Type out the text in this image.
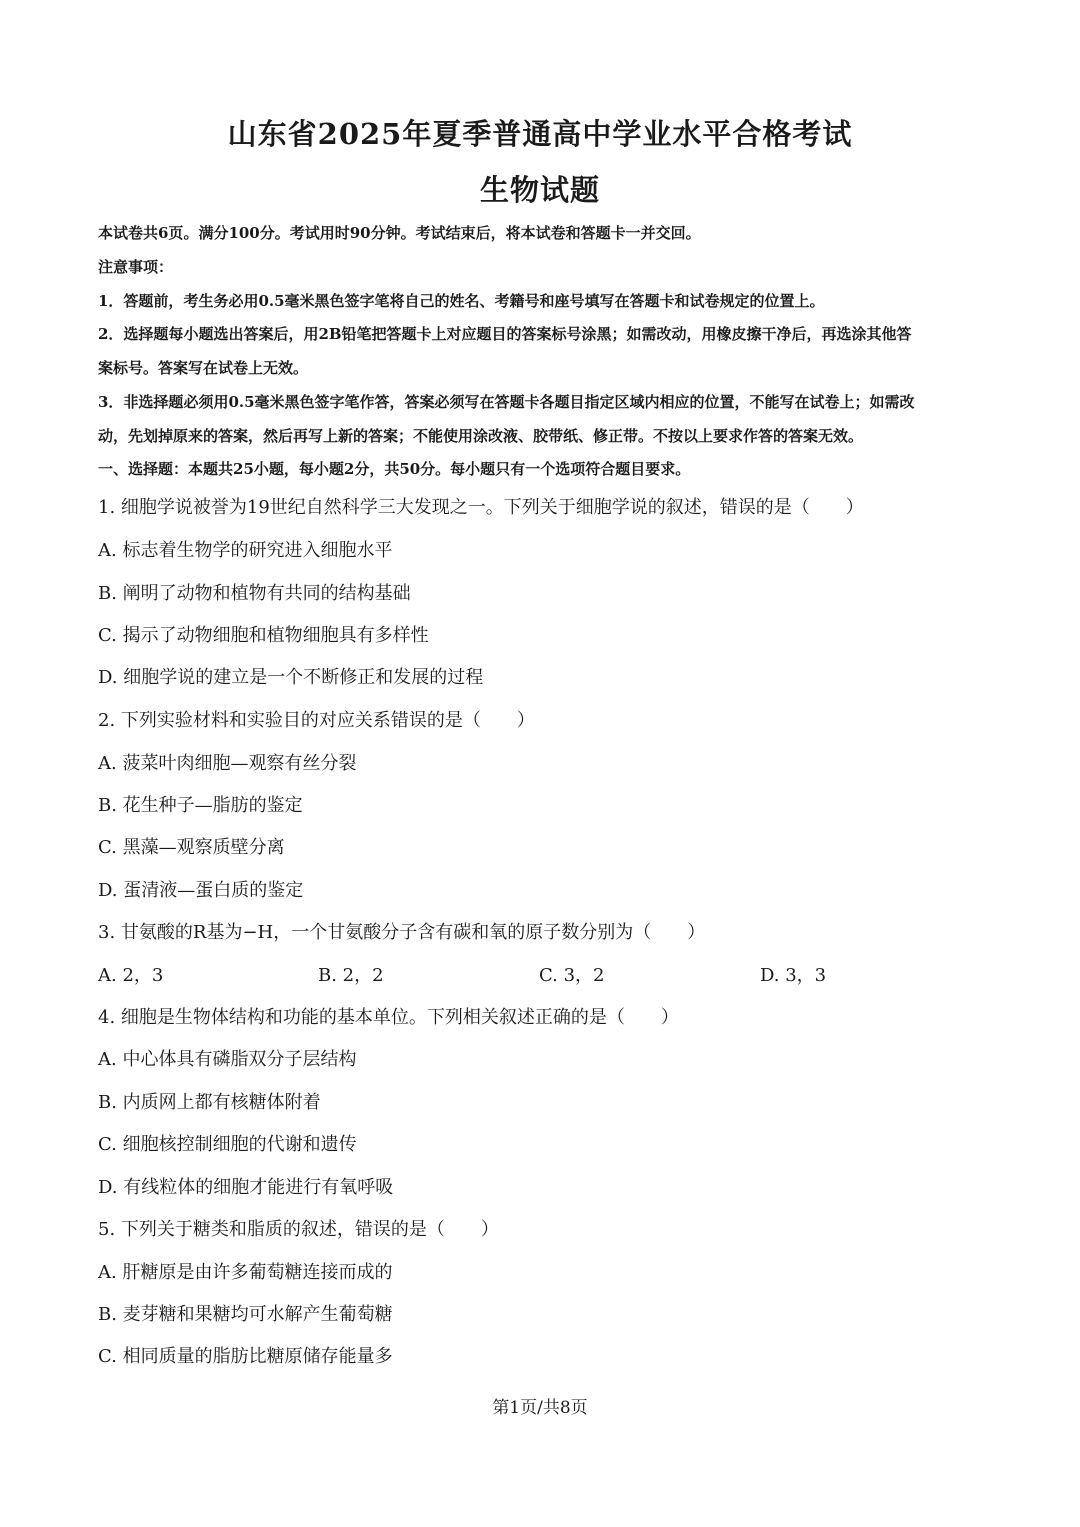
山东省2025年夏季普通高中学业水平合格考试
生物试题
本试卷共6页。满分100分。考试用时90分钟。考试结束后，将本试卷和答题卡一并交回。
注意事项：
1．答题前，考生务必用0.5毫米黑色签字笔将自己的姓名、考籍号和座号填写在答题卡和试卷规定的位置上。
2．选择题每小题选出答案后，用2B铅笔把答题卡上对应题目的答案标号涂黑；如需改动，用橡皮擦干净后，再选涂其他答
案标号。答案写在试卷上无效。
3．非选择题必须用0.5毫米黑色签字笔作答，答案必须写在答题卡各题目指定区域内相应的位置，不能写在试卷上；如需改
动，先划掉原来的答案，然后再写上新的答案；不能使用涂改液、胶带纸、修正带。不按以上要求作答的答案无效。
一、选择题：本题共25小题，每小题2分，共50分。每小题只有一个选项符合题目要求。
1. 细胞学说被誉为19世纪自然科学三大发现之一。下列关于细胞学说的叙述，错误的是（　　）
A. 标志着生物学的研究进入细胞水平
B. 阐明了动物和植物有共同的结构基础
C. 揭示了动物细胞和植物细胞具有多样性
D. 细胞学说的建立是一个不断修正和发展的过程
2. 下列实验材料和实验目的对应关系错误的是（　　）
A. 菠菜叶肉细胞—观察有丝分裂
B. 花生种子—脂肪的鉴定
C. 黑藻—观察质壁分离
D. 蛋清液—蛋白质的鉴定
3. 甘氨酸的R基为−H，一个甘氨酸分子含有碳和氧的原子数分别为（　　）
A. 2，3	B. 2，2	C. 3，2	D. 3，3
4. 细胞是生物体结构和功能的基本单位。下列相关叙述正确的是（　　）
A. 中心体具有磷脂双分子层结构
B. 内质网上都有核糖体附着
C. 细胞核控制细胞的代谢和遗传
D. 有线粒体的细胞才能进行有氧呼吸
5. 下列关于糖类和脂质的叙述，错误的是（　　）
A. 肝糖原是由许多葡萄糖连接而成的
B. 麦芽糖和果糖均可水解产生葡萄糖
C. 相同质量的脂肪比糖原储存能量多
第1页/共8页
